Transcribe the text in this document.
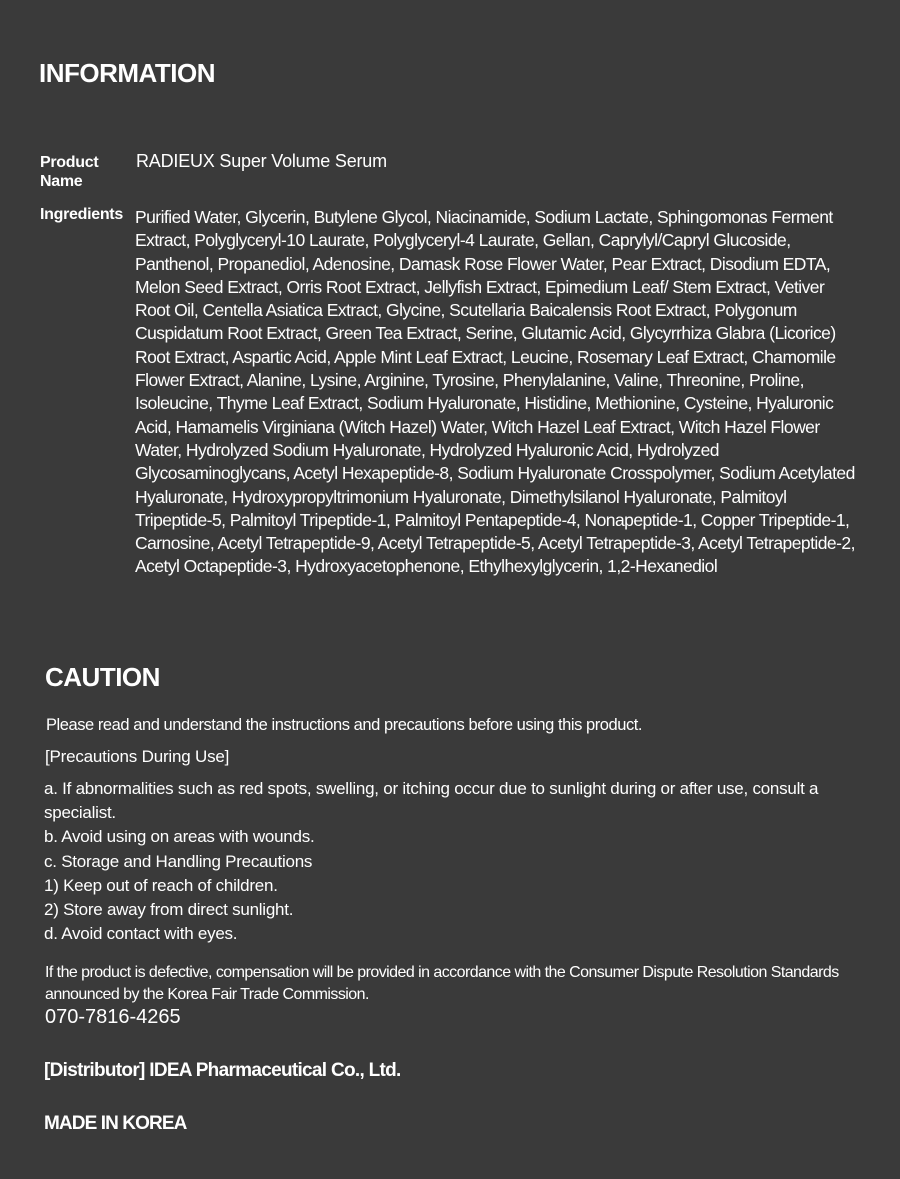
INFORMATION
Product Name
RADIEUX Super Volume Serum
Ingredients Purified Water, Glycerin, Butylene Glycol, Niacinamide, Sodium Lactate, Sphingomonas Ferment Extract, Polyglyceryl-10 Laurate, Polyglyceryl-4 Laurate, Gellan, Caprylyl/Capryl Glucoside, Panthenol, Propanediol, Adenosine, Damask Rose Flower Water, Pear Extract, Disodium EDTA, Melon Seed Extract, Orris Root Extract, Jellyfish Extract, Epimedium Leaf/ Stem Extract, Vetiver Root Oil, Centella Asiatica Extract, Glycine, Scutellaria Baicalensis Root Extract, Polygonum Cuspidatum Root Extract, Green Tea Extract, Serine, Glutamic Acid, Glycyrrhiza Glabra (Licorice) Root Extract, Aspartic Acid, Apple Mint Leaf Extract, Leucine, Rosemary Leaf Extract, Chamomile Flower Extract, Alanine, Lysine, Arginine, Tyrosine, Phenylalanine, Valine, Threonine, Proline, Isoleucine, Thyme Leaf Extract, Sodium Hyaluronate, Histidine, Methionine, Cysteine, Hyaluronic Acid, Hamamelis Virginiana (Witch Hazel) Water, Witch Hazel Leaf Extract, Witch Hazel Flower Water, Hydrolyzed Sodium Hyaluronate, Hydrolyzed Hyaluronic Acid, Hydrolyzed Glycosaminoglycans, Acetyl Hexapeptide-8, Sodium Hyaluronate Crosspolymer, Sodium Acetylated Hyaluronate, Hydroxypropyltrimonium Hyaluronate, Dimethylsilanol Hyaluronate, Palmitoyl Tripeptide-5, Palmitoyl Tripeptide-1, Palmitoyl Pentapeptide-4, Nonapeptide-1, Copper Tripeptide-1, Carnosine, Acetyl Tetrapeptide-9, Acetyl Tetrapeptide-5, Acetyl Tetrapeptide-3, Acetyl Tetrapeptide-2, Acetyl Octapeptide-3, Hydroxyacetophenone, Ethylhexylglycerin, 1,2-Hexanediol
CAUTION
Please read and understand the instructions and precautions before using this product.
[Precautions During Use]
a. If abnormalities such as red spots, swelling, or itching occur due to sunlight during or after use, consult a specialist.
b. Avoid using on areas with wounds.
c. Storage and Handling Precautions
1) Keep out of reach of children.
2) Store away from direct sunlight.
d. Avoid contact with eyes.
If the product is defective, compensation will be provided in accordance with the Consumer Dispute Resolution Standards announced by the Korea Fair Trade Commission.
070-7816-4265
[Distributor] IDEA Pharmaceutical Co., Ltd.
MADE IN KOREA
